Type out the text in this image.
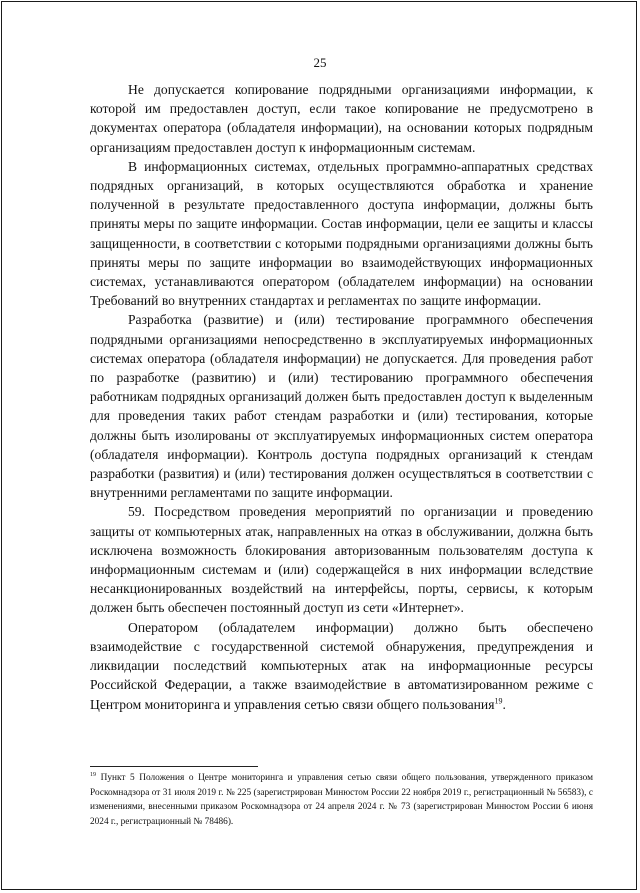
25

Не допускается копирование подрядными организациями информации, к которой им предоставлен доступ, если такое копирование не предусмотрено в документах оператора (обладателя информации), на основании которых подрядным организациям предоставлен доступ к информационным системам.

В информационных системах, отдельных программно-аппаратных средствах подрядных организаций, в которых осуществляются обработка и хранение полученной в результате предоставленного доступа информации, должны быть приняты меры по защите информации. Состав информации, цели ее защиты и классы защищенности, в соответствии с которыми подрядными организациями должны быть приняты меры по защите информации во взаимодействующих информационных системах, устанавливаются оператором (обладателем информации) на основании Требований во внутренних стандартах и регламентах по защите информации.

Разработка (развитие) и (или) тестирование программного обеспечения подрядными организациями непосредственно в эксплуатируемых информационных системах оператора (обладателя информации) не допускается. Для проведения работ по разработке (развитию) и (или) тестированию программного обеспечения работникам подрядных организаций должен быть предоставлен доступ к выделенным для проведения таких работ стендам разработки и (или) тестирования, которые должны быть изолированы от эксплуатируемых информационных систем оператора (обладателя информации). Контроль доступа подрядных организаций к стендам разработки (развития) и (или) тестирования должен осуществляться в соответствии с внутренними регламентами по защите информации.

59. Посредством проведения мероприятий по организации и проведению защиты от компьютерных атак, направленных на отказ в обслуживании, должна быть исключена возможность блокирования авторизованным пользователям доступа к информационным системам и (или) содержащейся в них информации вследствие несанкционированных воздействий на интерфейсы, порты, сервисы, к которым должен быть обеспечен постоянный доступ из сети «Интернет».

Оператором (обладателем информации) должно быть обеспечено взаимодействие с государственной системой обнаружения, предупреждения и ликвидации последствий компьютерных атак на информационные ресурсы Российской Федерации, а также взаимодействие в автоматизированном режиме с Центром мониторинга и управления сетью связи общего пользования$^{19}$.

$^{19}$ Пункт 5 Положения о Центре мониторинга и управления сетью связи общего пользования, утвержденного приказом Роскомнадзора от 31 июля 2019 г. № 225 (зарегистрирован Минюстом России 22 ноября 2019 г., регистрационный № 56583), с изменениями, внесенными приказом Роскомнадзора от 24 апреля 2024 г. № 73 (зарегистрирован Минюстом России 6 июня 2024 г., регистрационный № 78486).
